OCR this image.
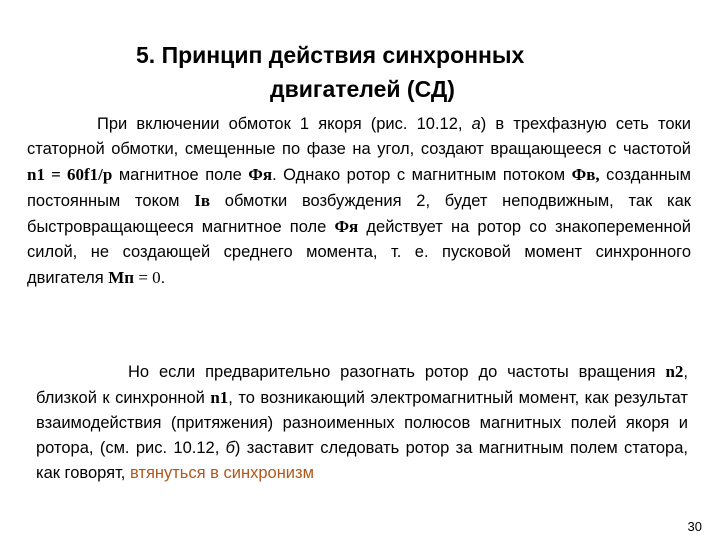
5. Принцип действия синхронных
двигателей (СД)

При включении обмоток 1 якоря (рис. 10.12, а) в трехфазную сеть токи статорной обмотки, смещенные по фазе на угол, создают вращающееся с частотой n1 = 60f1/p магнитное поле Фя. Однако ротор с магнитным потоком Фв, созданным постоянным током Iв обмотки возбуждения 2, будет неподвижным, так как быстровращающееся магнитное поле Фя действует на ротор со знакопеременной силой, не создающей среднего момента, т. е. пусковой момент синхронного двигателя Мп = 0.

Но если предварительно разогнать ротор до частоты вращения n2, близкой к синхронной n1, то возникающий электромагнитный момент, как результат взаимодействия (притяжения) разноименных полюсов магнитных полей якоря и ротора, (см. рис. 10.12, б) заставит следовать ротор за магнитным полем статора, как говорят, втянуться в синхронизм

30
